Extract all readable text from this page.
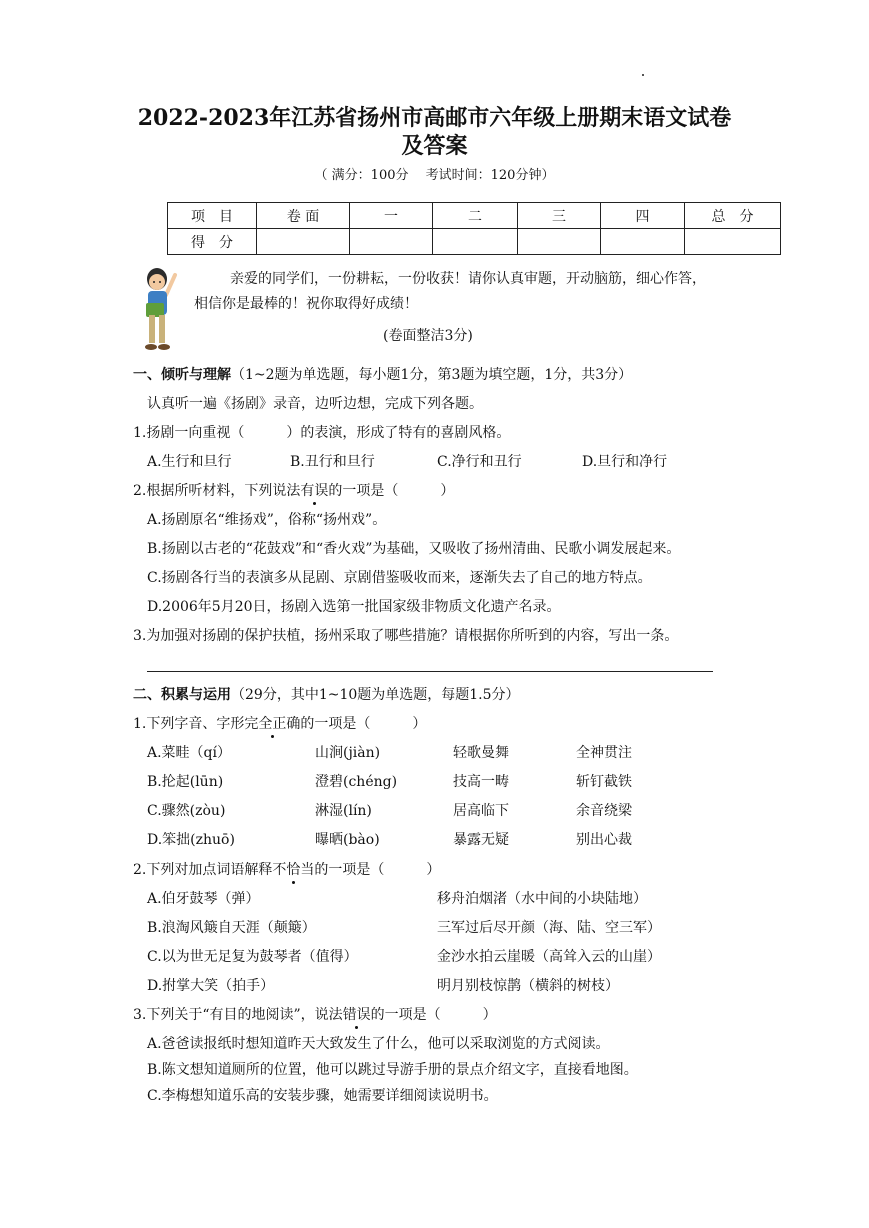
2022-2023年江苏省扬州市高邮市六年级上册期末语文试卷
及答案
（ 满分：100分　 考试时间：120分钟）
项　目	卷 面	一	二	三	四	总　分
得　分						
亲爱的同学们，一份耕耘，一份收获！请你认真审题，开动脑筋，细心作答，
相信你是最棒的！祝你取得好成绩！
(卷面整洁3分)
一、倾听与理解（1~2题为单选题，每小题1分，第3题为填空题，1分，共3分）
认真听一遍《扬剧》录音，边听边想，完成下列各题。
1.扬剧一向重视（　　　）的表演，形成了特有的喜剧风格。
A.生行和旦行	B.丑行和旦行	C.净行和丑行	D.旦行和净行
2.根据所听材料，下列说法有误的一项是（　　　）
A.扬剧原名“维扬戏”，俗称“扬州戏”。
B.扬剧以古老的“花鼓戏”和“香火戏”为基础，又吸收了扬州清曲、民歌小调发展起来。
C.扬剧各行当的表演多从昆剧、京剧借鉴吸收而来，逐渐失去了自己的地方特点。
D.2006年5月20日，扬剧入选第一批国家级非物质文化遗产名录。
3.为加强对扬剧的保护扶植，扬州采取了哪些措施？请根据你所听到的内容，写出一条。
二、积累与运用（29分，其中1~10题为单选题，每题1.5分）
1.下列字音、字形完全正确的一项是（　　　）
A.菜畦（qí）	山涧(jiàn)	轻歌曼舞	全神贯注
B.抡起(lūn)	澄碧(chéng)	技高一畴	斩钉截铁
C.骤然(zòu)	淋湿(lín)	居高临下	余音绕梁
D.笨拙(zhuō)	曝晒(bào)	暴露无疑	别出心裁
2.下列对加点词语解释不恰当的一项是（　　　）
A.伯牙鼓琴（弹）	移舟泊烟渚（水中间的小块陆地）
B.浪淘风簸自天涯（颠簸）	三军过后尽开颜（海、陆、空三军）
C.以为世无足复为鼓琴者（值得）	金沙水拍云崖暖（高耸入云的山崖）
D.拊掌大笑（拍手）	明月别枝惊鹊（横斜的树枝）
3.下列关于“有目的地阅读”，说法错误的一项是（　　　）
A.爸爸读报纸时想知道昨天大致发生了什么，他可以采取浏览的方式阅读。
B.陈文想知道厕所的位置，他可以跳过导游手册的景点介绍文字，直接看地图。
C.李梅想知道乐高的安装步骤，她需要详细阅读说明书。
